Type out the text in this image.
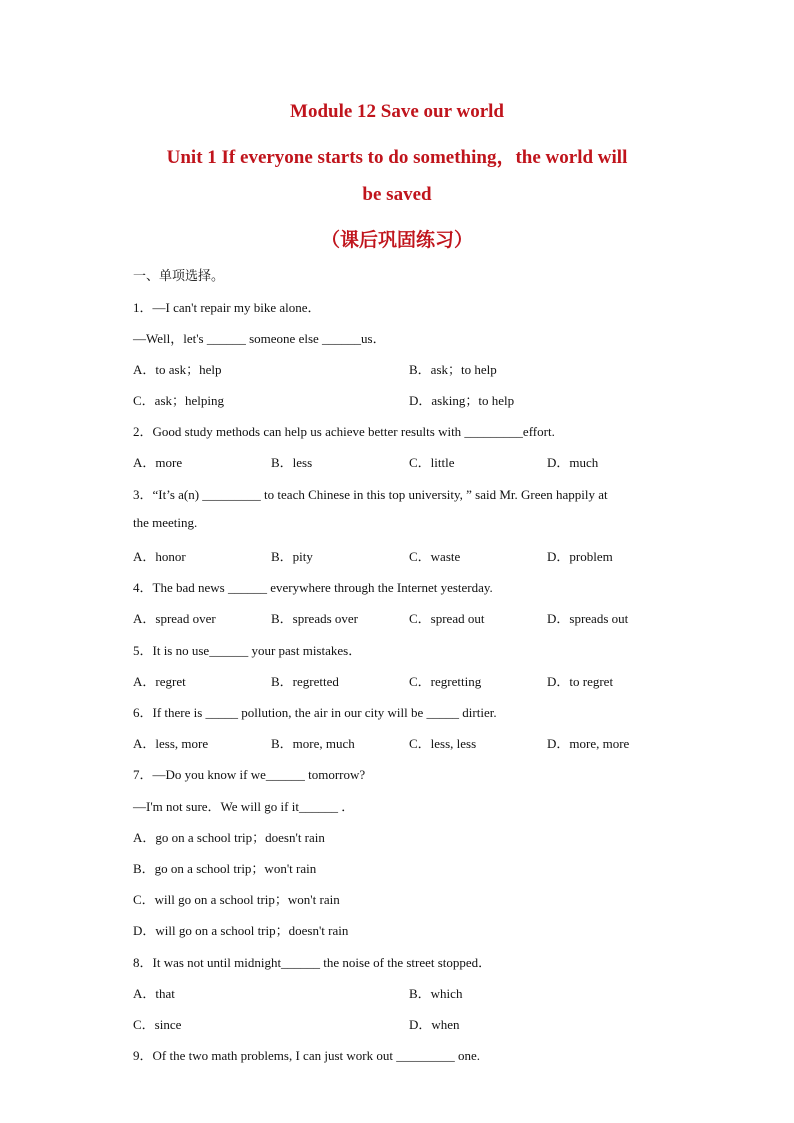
Module 12 Save our world
Unit 1 If everyone starts to do something，the world will
be saved
（课后巩固练习）
一、单项选择。
1．—I can't repair my bike alone．
—Well，let's ______ someone else ______us．
A．to ask；help	B．ask；to help
C．ask；helping	D．asking；to help
2．Good study methods can help us achieve better results with _________effort.
A．more	B．less	C．little	D．much
3．“It’s a(n) _________ to teach Chinese in this top university, ” said Mr. Green happily at
the meeting.
A．honor	B．pity	C．waste	D．problem
4．The bad news ______ everywhere through the Internet yesterday.
A．spread over	B．spreads over	C．spread out	D．spreads out
5．It is no use______ your past mistakes．
A．regret	B．regretted	C．regretting	D．to regret
6．If there is _____ pollution, the air in our city will be _____ dirtier.
A．less, more	B．more, much	C．less, less	D．more, more
7．—Do you know if we______ tomorrow?
—I'm not sure．We will go if it______ ．
A．go on a school trip；doesn't rain
B．go on a school trip；won't rain
C．will go on a school trip；won't rain
D．will go on a school trip；doesn't rain
8．It was not until midnight______ the noise of the street stopped．
A．that	B．which
C．since	D．when
9．Of the two math problems, I can just work out _________ one.
